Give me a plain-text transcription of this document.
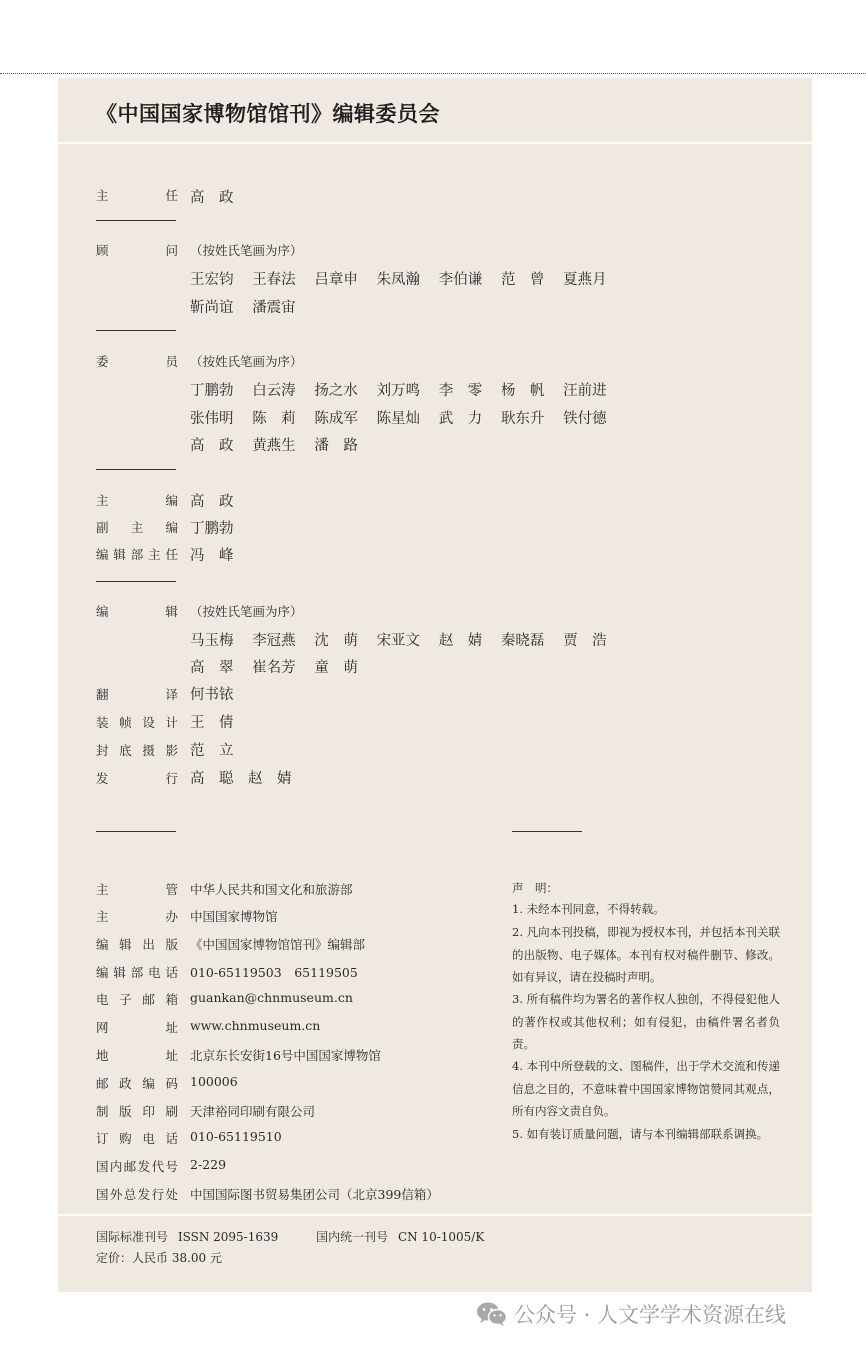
《中国国家博物馆馆刊》编辑委员会
主任 高　政
顾问 （按姓氏笔画为序）
王宏钧	王春法	吕章申	朱凤瀚	李伯谦	范　曾	夏燕月
靳尚谊	潘震宙
委员 （按姓氏笔画为序）
丁鹏勃	白云涛	扬之水	刘万鸣	李　零	杨　帆	汪前进
张伟明	陈　莉	陈成军	陈星灿	武　力	耿东升	铁付德
高　政	黄燕生	潘　路
主编 高　政
副主编 丁鹏勃
编辑部主任 冯　峰
编辑 （按姓氏笔画为序）
马玉梅	李冠燕	沈　萌	宋亚文	赵　婧	秦晓磊	贾　浩
高　翠	崔名芳	童　萌
翻译 何书铱
装帧设计 王　倩
封底摄影 范　立
发行 高　聪　赵　婧
主管 中华人民共和国文化和旅游部
主办 中国国家博物馆
编辑出版 《中国国家博物馆馆刊》编辑部
编辑部电话 010-65119503　65119505
电子邮箱 guankan@chnmuseum.cn
网址 www.chnmuseum.cn
地址 北京东长安街16号中国国家博物馆
邮政编码 100006
制版印刷 天津裕同印刷有限公司
订购电话 010-65119510
国内邮发代号 2-229
国外总发行处 中国国际图书贸易集团公司（北京399信箱）
声　明：
1. 未经本刊同意，不得转载。
2. 凡向本刊投稿，即视为授权本刊，并包括本刊关联的出版物、电子媒体。本刊有权对稿件删节、修改。如有异议，请在投稿时声明。
3. 所有稿件均为署名的著作权人独创，不得侵犯他人的著作权或其他权利；如有侵犯，由稿件署名者负责。
4. 本刊中所登载的文、图稿件，出于学术交流和传递信息之目的，不意味着中国国家博物馆赞同其观点，所有内容文责自负。
5. 如有装订质量问题，请与本刊编辑部联系调换。
国际标准刊号 ISSN 2095-1639	国内统一刊号 CN 10-1005/K
定价：人民币 38.00 元
公众号 · 人文学学术资源在线
